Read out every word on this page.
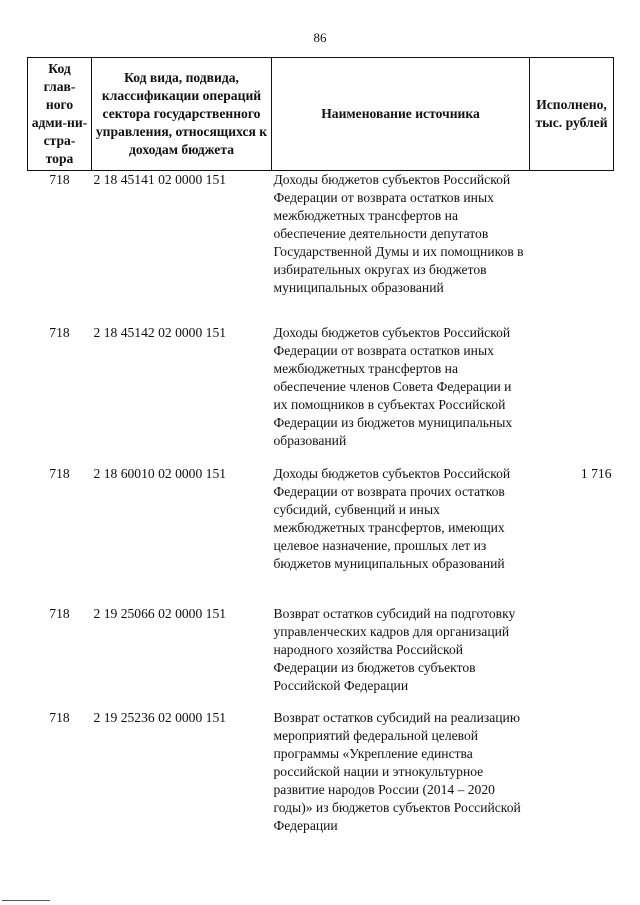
86
Код глав-ного адми-ни-стра-тора	Код вида, подвида, классификации операций сектора государственного управления, относящихся к доходам бюджета	Наименование источника	Исполнено, тыс. рублей
718	2 18 45141 02 0000 151	Доходы бюджетов субъектов Российской Федерации от возврата остатков иных межбюджетных трансфертов на обеспечение деятельности депутатов Государственной Думы и их помощников в избирательных округах из бюджетов муниципальных образований	
718	2 18 45142 02 0000 151	Доходы бюджетов субъектов Российской Федерации от возврата остатков иных межбюджетных трансфертов на обеспечение членов Совета Федерации и их помощников в субъектах Российской Федерации из бюджетов муниципальных образований	
718	2 18 60010 02 0000 151	Доходы бюджетов субъектов Российской Федерации от возврата прочих остатков субсидий, субвенций и иных межбюджетных трансфертов, имеющих целевое назначение, прошлых лет из бюджетов муниципальных образований	1 716
718	2 19 25066 02 0000 151	Возврат остатков субсидий на подготовку управленческих кадров для организаций народного хозяйства Российской Федерации из бюджетов субъектов Российской Федерации	
718	2 19 25236 02 0000 151	Возврат остатков субсидий на реализацию мероприятий федеральной целевой программы «Укрепление единства российской нации и этнокультурное развитие народов России (2014 – 2020 годы)» из бюджетов субъектов Российской Федерации	
